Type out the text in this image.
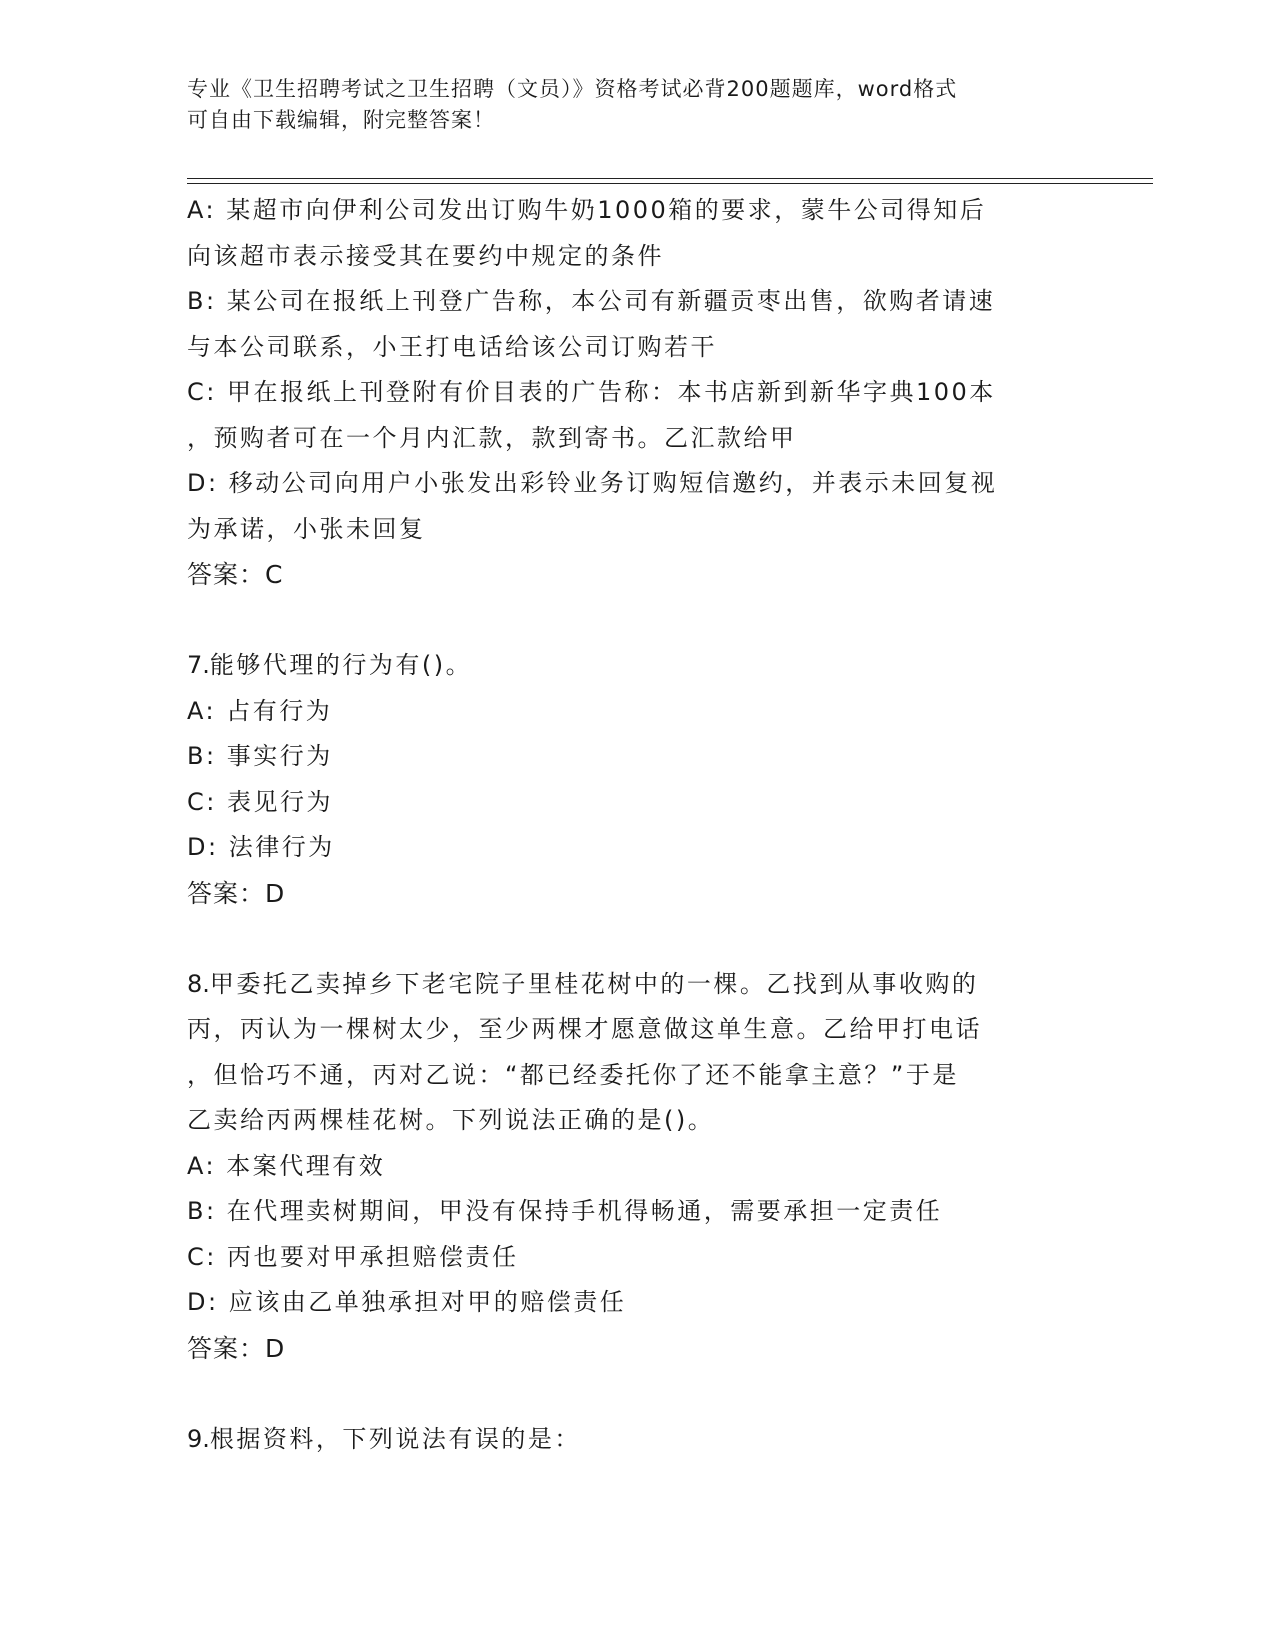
专业《卫生招聘考试之卫生招聘（文员）》资格考试必背200题题库，word格式
可自由下载编辑，附完整答案！
A: 某超市向伊利公司发出订购牛奶1000箱的要求，蒙牛公司得知后
向该超市表示接受其在要约中规定的条件
B: 某公司在报纸上刊登广告称，本公司有新疆贡枣出售，欲购者请速
与本公司联系，小王打电话给该公司订购若干
C: 甲在报纸上刊登附有价目表的广告称：本书店新到新华字典100本
，预购者可在一个月内汇款，款到寄书。乙汇款给甲
D: 移动公司向用户小张发出彩铃业务订购短信邀约，并表示未回复视
为承诺，小张未回复
答案：C
7.能够代理的行为有()。
A: 占有行为
B: 事实行为
C: 表见行为
D: 法律行为
答案：D
8.甲委托乙卖掉乡下老宅院子里桂花树中的一棵。乙找到从事收购的
丙，丙认为一棵树太少，至少两棵才愿意做这单生意。乙给甲打电话
，但恰巧不通，丙对乙说：“都已经委托你了还不能拿主意？”于是
乙卖给丙两棵桂花树。下列说法正确的是()。
A: 本案代理有效
B: 在代理卖树期间，甲没有保持手机得畅通，需要承担一定责任
C: 丙也要对甲承担赔偿责任
D: 应该由乙单独承担对甲的赔偿责任
答案：D
9.根据资料，下列说法有误的是：
